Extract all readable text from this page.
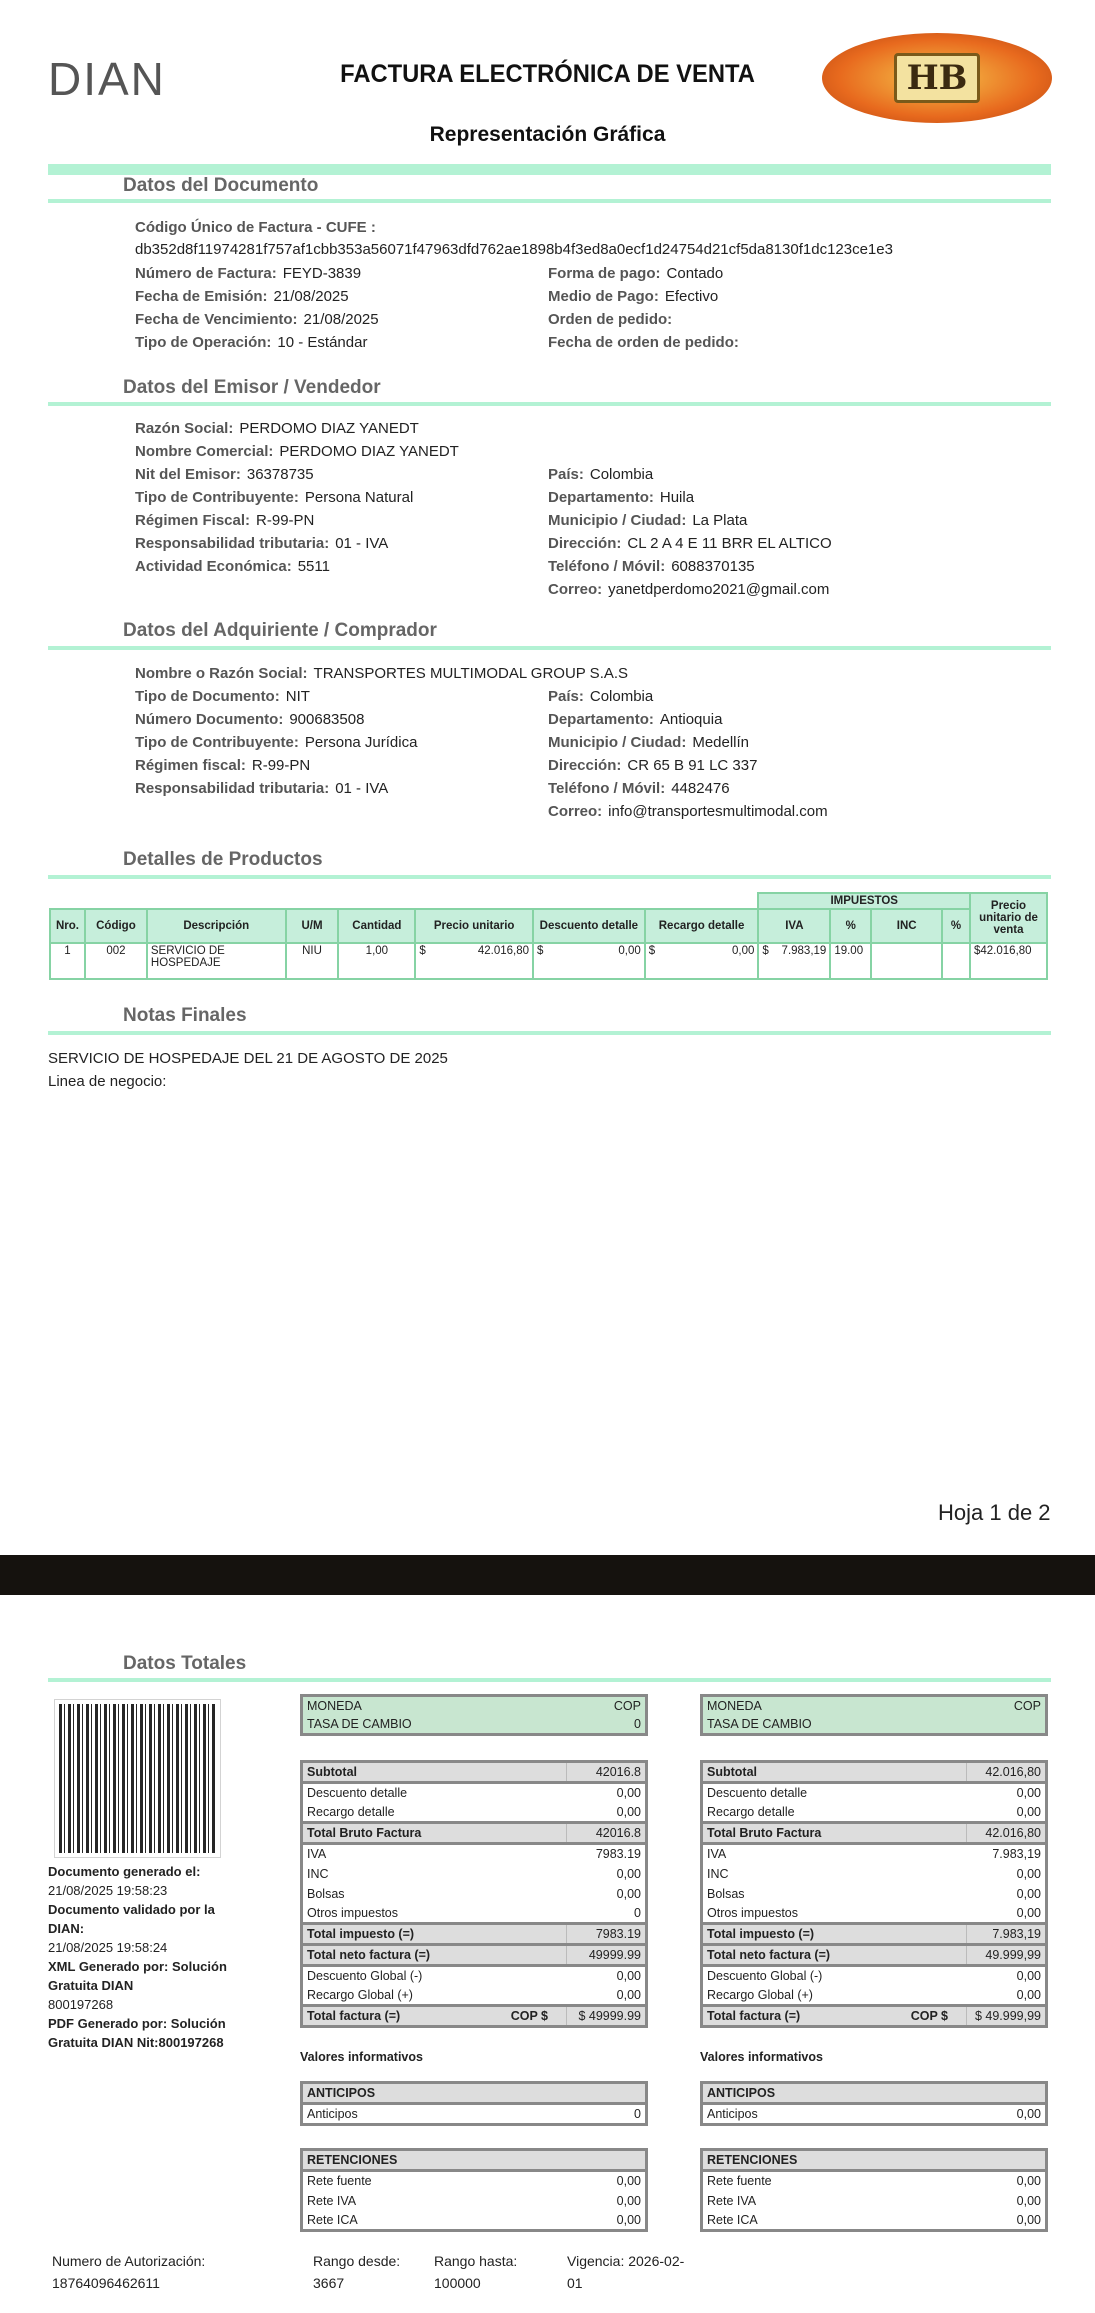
DIAN	FACTURA ELECTRÓNICA DE VENTA	HB
Representación Gráfica
Datos del Documento
Código Único de Factura - CUFE :
db352d8f11974281f757af1cbb353a56071f47963dfd762ae1898b4f3ed8a0ecf1d24754d21cf5da8130f1dc123ce1e3
Número de Factura: FEYD-3839
Fecha de Emisión: 21/08/2025
Fecha de Vencimiento: 21/08/2025
Tipo de Operación: 10 - Estándar
Forma de pago: Contado
Medio de Pago: Efectivo
Orden de pedido:
Fecha de orden de pedido:
Datos del Emisor / Vendedor
Razón Social: PERDOMO DIAZ YANEDT
Nombre Comercial: PERDOMO DIAZ YANEDT
Nit del Emisor: 36378735
Tipo de Contribuyente: Persona Natural
Régimen Fiscal: R-99-PN
Responsabilidad tributaria: 01 - IVA
Actividad Económica: 5511
País: Colombia
Departamento: Huila
Municipio / Ciudad: La Plata
Dirección: CL 2 A 4 E 11 BRR EL ALTICO
Teléfono / Móvil: 6088370135
Correo: yanetdperdomo2021@gmail.com
Datos del Adquiriente / Comprador
Nombre o Razón Social: TRANSPORTES MULTIMODAL GROUP S.A.S
Tipo de Documento: NIT
Número Documento: 900683508
Tipo de Contribuyente: Persona Jurídica
Régimen fiscal: R-99-PN
Responsabilidad tributaria: 01 - IVA
País: Colombia
Departamento: Antioquia
Municipio / Ciudad: Medellín
Dirección: CR 65 B 91 LC 337
Teléfono / Móvil: 4482476
Correo: info@transportesmultimodal.com
Detalles de Productos
								IMPUESTOS				Precio unitario de venta
Nro.	Código	Descripción	U/M	Cantidad	Precio unitario	Descuento detalle	Recargo detalle	IVA	%	INC	%	
1	002	SERVICIO DE HOSPEDAJE	NIU	1,00	$ 42.016,80	$ 0,00	$ 0,00	$ 7.983,19	19.00			$ 42.016,80
Notas Finales
SERVICIO DE HOSPEDAJE DEL 21 DE AGOSTO DE 2025
Linea de negocio:
Hoja 1 de 2
Datos Totales
Documento generado el:
21/08/2025 19:58:23
Documento validado por la DIAN:
21/08/2025 19:58:24
XML Generado por: Solución Gratuita DIAN
800197268
PDF Generado por: Solución Gratuita DIAN Nit:800197268
MONEDA	COP
TASA DE CAMBIO	0
Subtotal	42016.8
Descuento detalle	0,00
Recargo detalle	0,00
Total Bruto Factura	42016.8
IVA	7983.19
INC	0,00
Bolsas	0,00
Otros impuestos	0
Total impuesto (=)	7983.19
Total neto factura (=)	49999.99
Descuento Global (-)	0,00
Recargo Global (+)	0,00
Total factura (=) COP $	$ 49999.99
Valores informativos
ANTICIPOS
Anticipos	0
RETENCIONES	
Rete fuente	0,00
Rete IVA	0,00
Rete ICA	0,00
MONEDA	COP
TASA DE CAMBIO	
Subtotal	42.016,80
Descuento detalle	0,00
Recargo detalle	0,00
Total Bruto Factura	42.016,80
IVA	7.983,19
INC	0,00
Bolsas	0,00
Otros impuestos	0,00
Total impuesto (=)	7.983,19
Total neto factura (=)	49.999,99
Descuento Global (-)	0,00
Recargo Global (+)	0,00
Total factura (=) COP $	$ 49.999,99
Valores informativos
ANTICIPOS
Anticipos	0,00
RETENCIONES	
Rete fuente	0,00
Rete IVA	0,00
Rete ICA	0,00
Numero de Autorización:
18764096462611
Rango desde:
3667
Rango hasta:
100000
Vigencia: 2026-02-
01
